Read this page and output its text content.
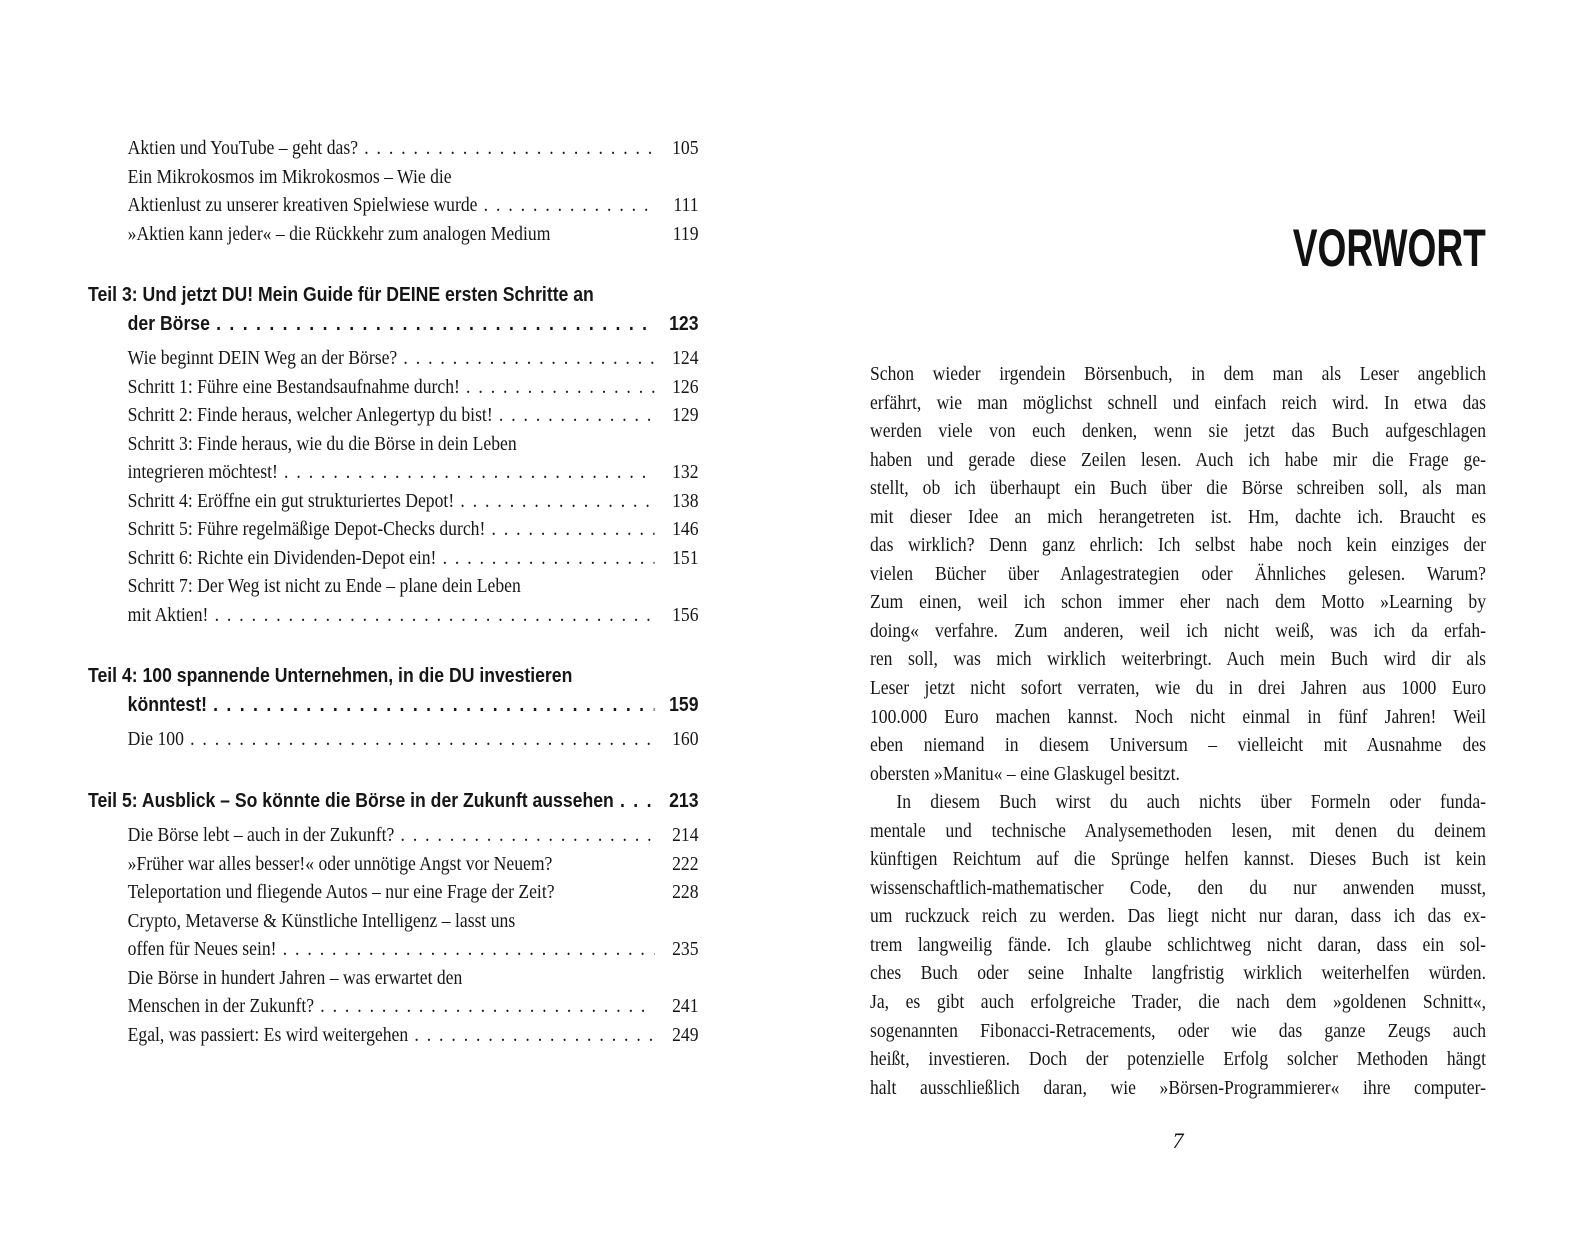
Aktien und YouTube – geht das? . . .	105
Ein Mikrokosmos im Mikrokosmos – Wie die
Aktienlust zu unserer kreativen Spielwiese wurde . . .	111
»Aktien kann jeder« – die Rückkehr zum analogen Medium	119
Teil 3: Und jetzt DU! Mein Guide für DEINE ersten Schritte an
der Börse . . .	123
Wie beginnt DEIN Weg an der Börse? . . .	124
Schritt 1: Führe eine Bestandsaufnahme durch! . . .	126
Schritt 2: Finde heraus, welcher Anlegertyp du bist! . . .	129
Schritt 3: Finde heraus, wie du die Börse in dein Leben
integrieren möchtest! . . .	132
Schritt 4: Eröffne ein gut strukturiertes Depot! . . .	138
Schritt 5: Führe regelmäßige Depot-Checks durch! . . .	146
Schritt 6: Richte ein Dividenden-Depot ein! . . .	151
Schritt 7: Der Weg ist nicht zu Ende – plane dein Leben
mit Aktien! . . .	156
Teil 4: 100 spannende Unternehmen, in die DU investieren
könntest! . . .	159
Die 100 . . .	160
Teil 5: Ausblick – So könnte die Börse in der Zukunft aussehen . . .	213
Die Börse lebt – auch in der Zukunft? . . .	214
»Früher war alles besser!« oder unnötige Angst vor Neuem?	222
Teleportation und fliegende Autos – nur eine Frage der Zeit?	228
Crypto, Metaverse & Künstliche Intelligenz – lasst uns
offen für Neues sein! . . .	235
Die Börse in hundert Jahren – was erwartet den
Menschen in der Zukunft? . . .	241
Egal, was passiert: Es wird weitergehen . . .	249
VORWORT
Schon wieder irgendein Börsenbuch, in dem man als Leser angeblich
erfährt, wie man möglichst schnell und einfach reich wird. In etwa das
werden viele von euch denken, wenn sie jetzt das Buch aufgeschlagen
haben und gerade diese Zeilen lesen. Auch ich habe mir die Frage ge-
stellt, ob ich überhaupt ein Buch über die Börse schreiben soll, als man
mit dieser Idee an mich herangetreten ist. Hm, dachte ich. Braucht es
das wirklich? Denn ganz ehrlich: Ich selbst habe noch kein einziges der
vielen Bücher über Anlagestrategien oder Ähnliches gelesen. Warum?
Zum einen, weil ich schon immer eher nach dem Motto »Learning by
doing« verfahre. Zum anderen, weil ich nicht weiß, was ich da erfah-
ren soll, was mich wirklich weiterbringt. Auch mein Buch wird dir als
Leser jetzt nicht sofort verraten, wie du in drei Jahren aus 1000 Euro
100.000 Euro machen kannst. Noch nicht einmal in fünf Jahren! Weil
eben niemand in diesem Universum – vielleicht mit Ausnahme des
obersten »Manitu« – eine Glaskugel besitzt.
In diesem Buch wirst du auch nichts über Formeln oder funda-
mentale und technische Analysemethoden lesen, mit denen du deinem
künftigen Reichtum auf die Sprünge helfen kannst. Dieses Buch ist kein
wissenschaftlich-mathematischer Code, den du nur anwenden musst,
um ruckzuck reich zu werden. Das liegt nicht nur daran, dass ich das ex-
trem langweilig fände. Ich glaube schlichtweg nicht daran, dass ein sol-
ches Buch oder seine Inhalte langfristig wirklich weiterhelfen würden.
Ja, es gibt auch erfolgreiche Trader, die nach dem »goldenen Schnitt«,
sogenannten Fibonacci-Retracements, oder wie das ganze Zeugs auch
heißt, investieren. Doch der potenzielle Erfolg solcher Methoden hängt
halt ausschließlich daran, wie »Börsen-Programmierer« ihre computer-
7
